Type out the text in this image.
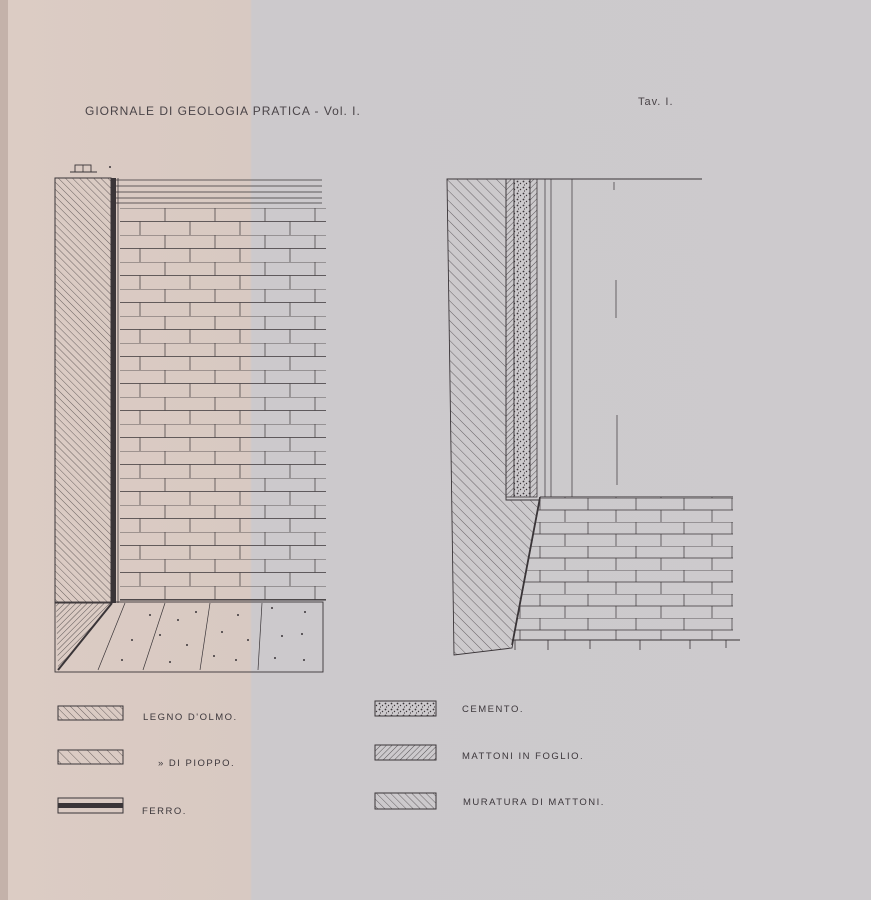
GIORNALE DI GEOLOGIA PRATICA - Vol. I.
Tav. I.
LEGNO D'OLMO.
» DI PIOPPO.
FERRO.
CEMENTO.
MATTONI IN FOGLIO.
MURATURA DI MATTONI.
